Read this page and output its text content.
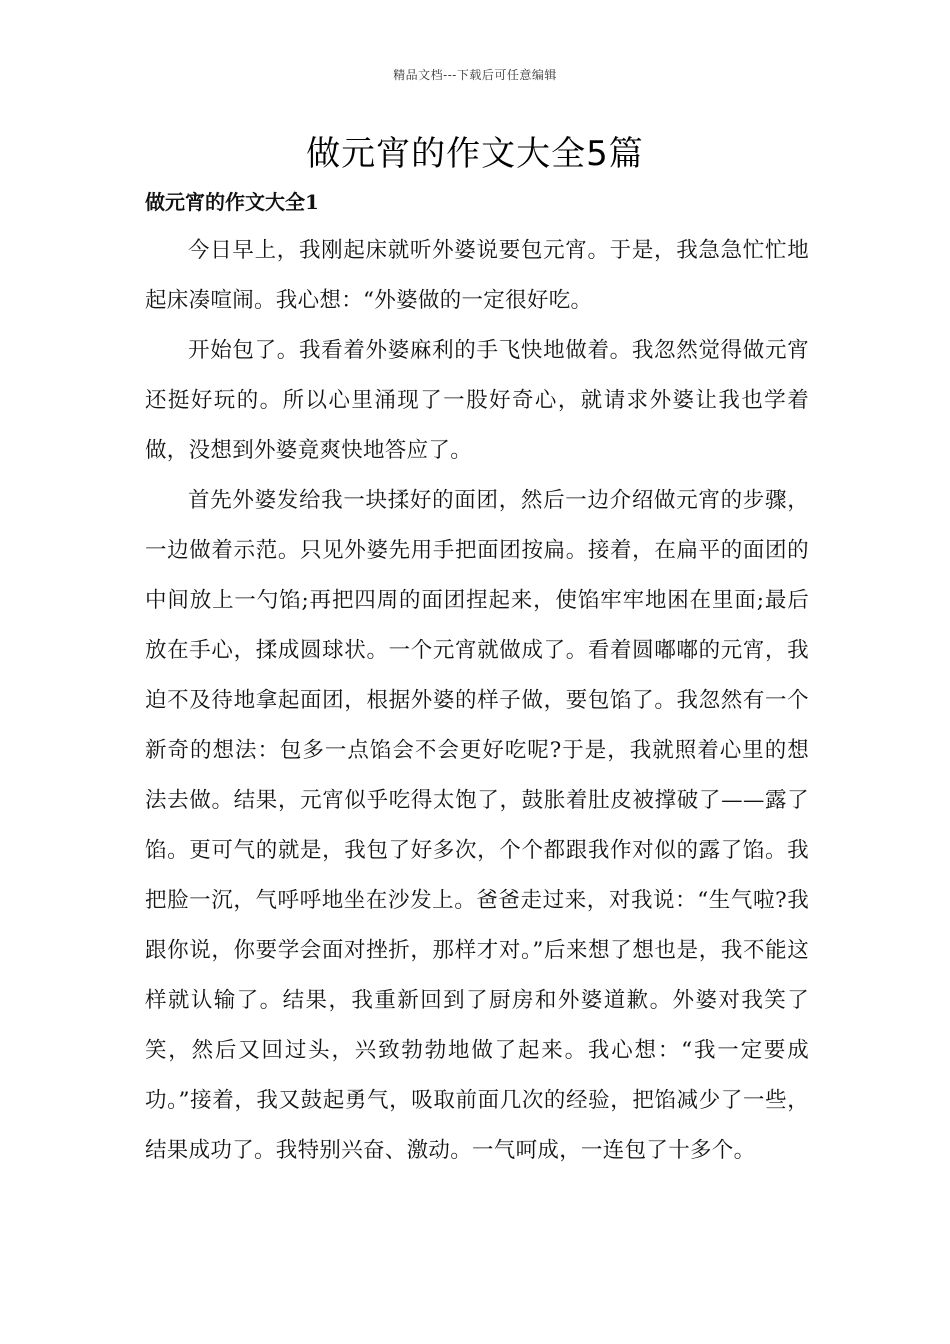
精品文档---下载后可任意编辑
做元宵的作文大全5篇
做元宵的作文大全1

今日早上，我刚起床就听外婆说要包元宵。于是，我急急忙忙地起床凑喧闹。我心想：“外婆做的一定很好吃。

开始包了。我看着外婆麻利的手飞快地做着。我忽然觉得做元宵还挺好玩的。所以心里涌现了一股好奇心，就请求外婆让我也学着做，没想到外婆竟爽快地答应了。

首先外婆发给我一块揉好的面团，然后一边介绍做元宵的步骤，一边做着示范。只见外婆先用手把面团按扁。接着，在扁平的面团的中间放上一勺馅;再把四周的面团捏起来，使馅牢牢地困在里面;最后放在手心，揉成圆球状。一个元宵就做成了。看着圆嘟嘟的元宵，我迫不及待地拿起面团，根据外婆的样子做，要包馅了。我忽然有一个新奇的想法：包多一点馅会不会更好吃呢?于是，我就照着心里的想法去做。结果，元宵似乎吃得太饱了，鼓胀着肚皮被撑破了——露了馅。更可气的就是，我包了好多次，个个都跟我作对似的露了馅。我把脸一沉，气呼呼地坐在沙发上。爸爸走过来，对我说：“生气啦?我跟你说，你要学会面对挫折，那样才对。”后来想了想也是，我不能这样就认输了。结果，我重新回到了厨房和外婆道歉。外婆对我笑了笑，然后又回过头，兴致勃勃地做了起来。我心想：“我一定要成功。”接着，我又鼓起勇气，吸取前面几次的经验，把馅减少了一些，结果成功了。我特别兴奋、激动。一气呵成，一连包了十多个。
